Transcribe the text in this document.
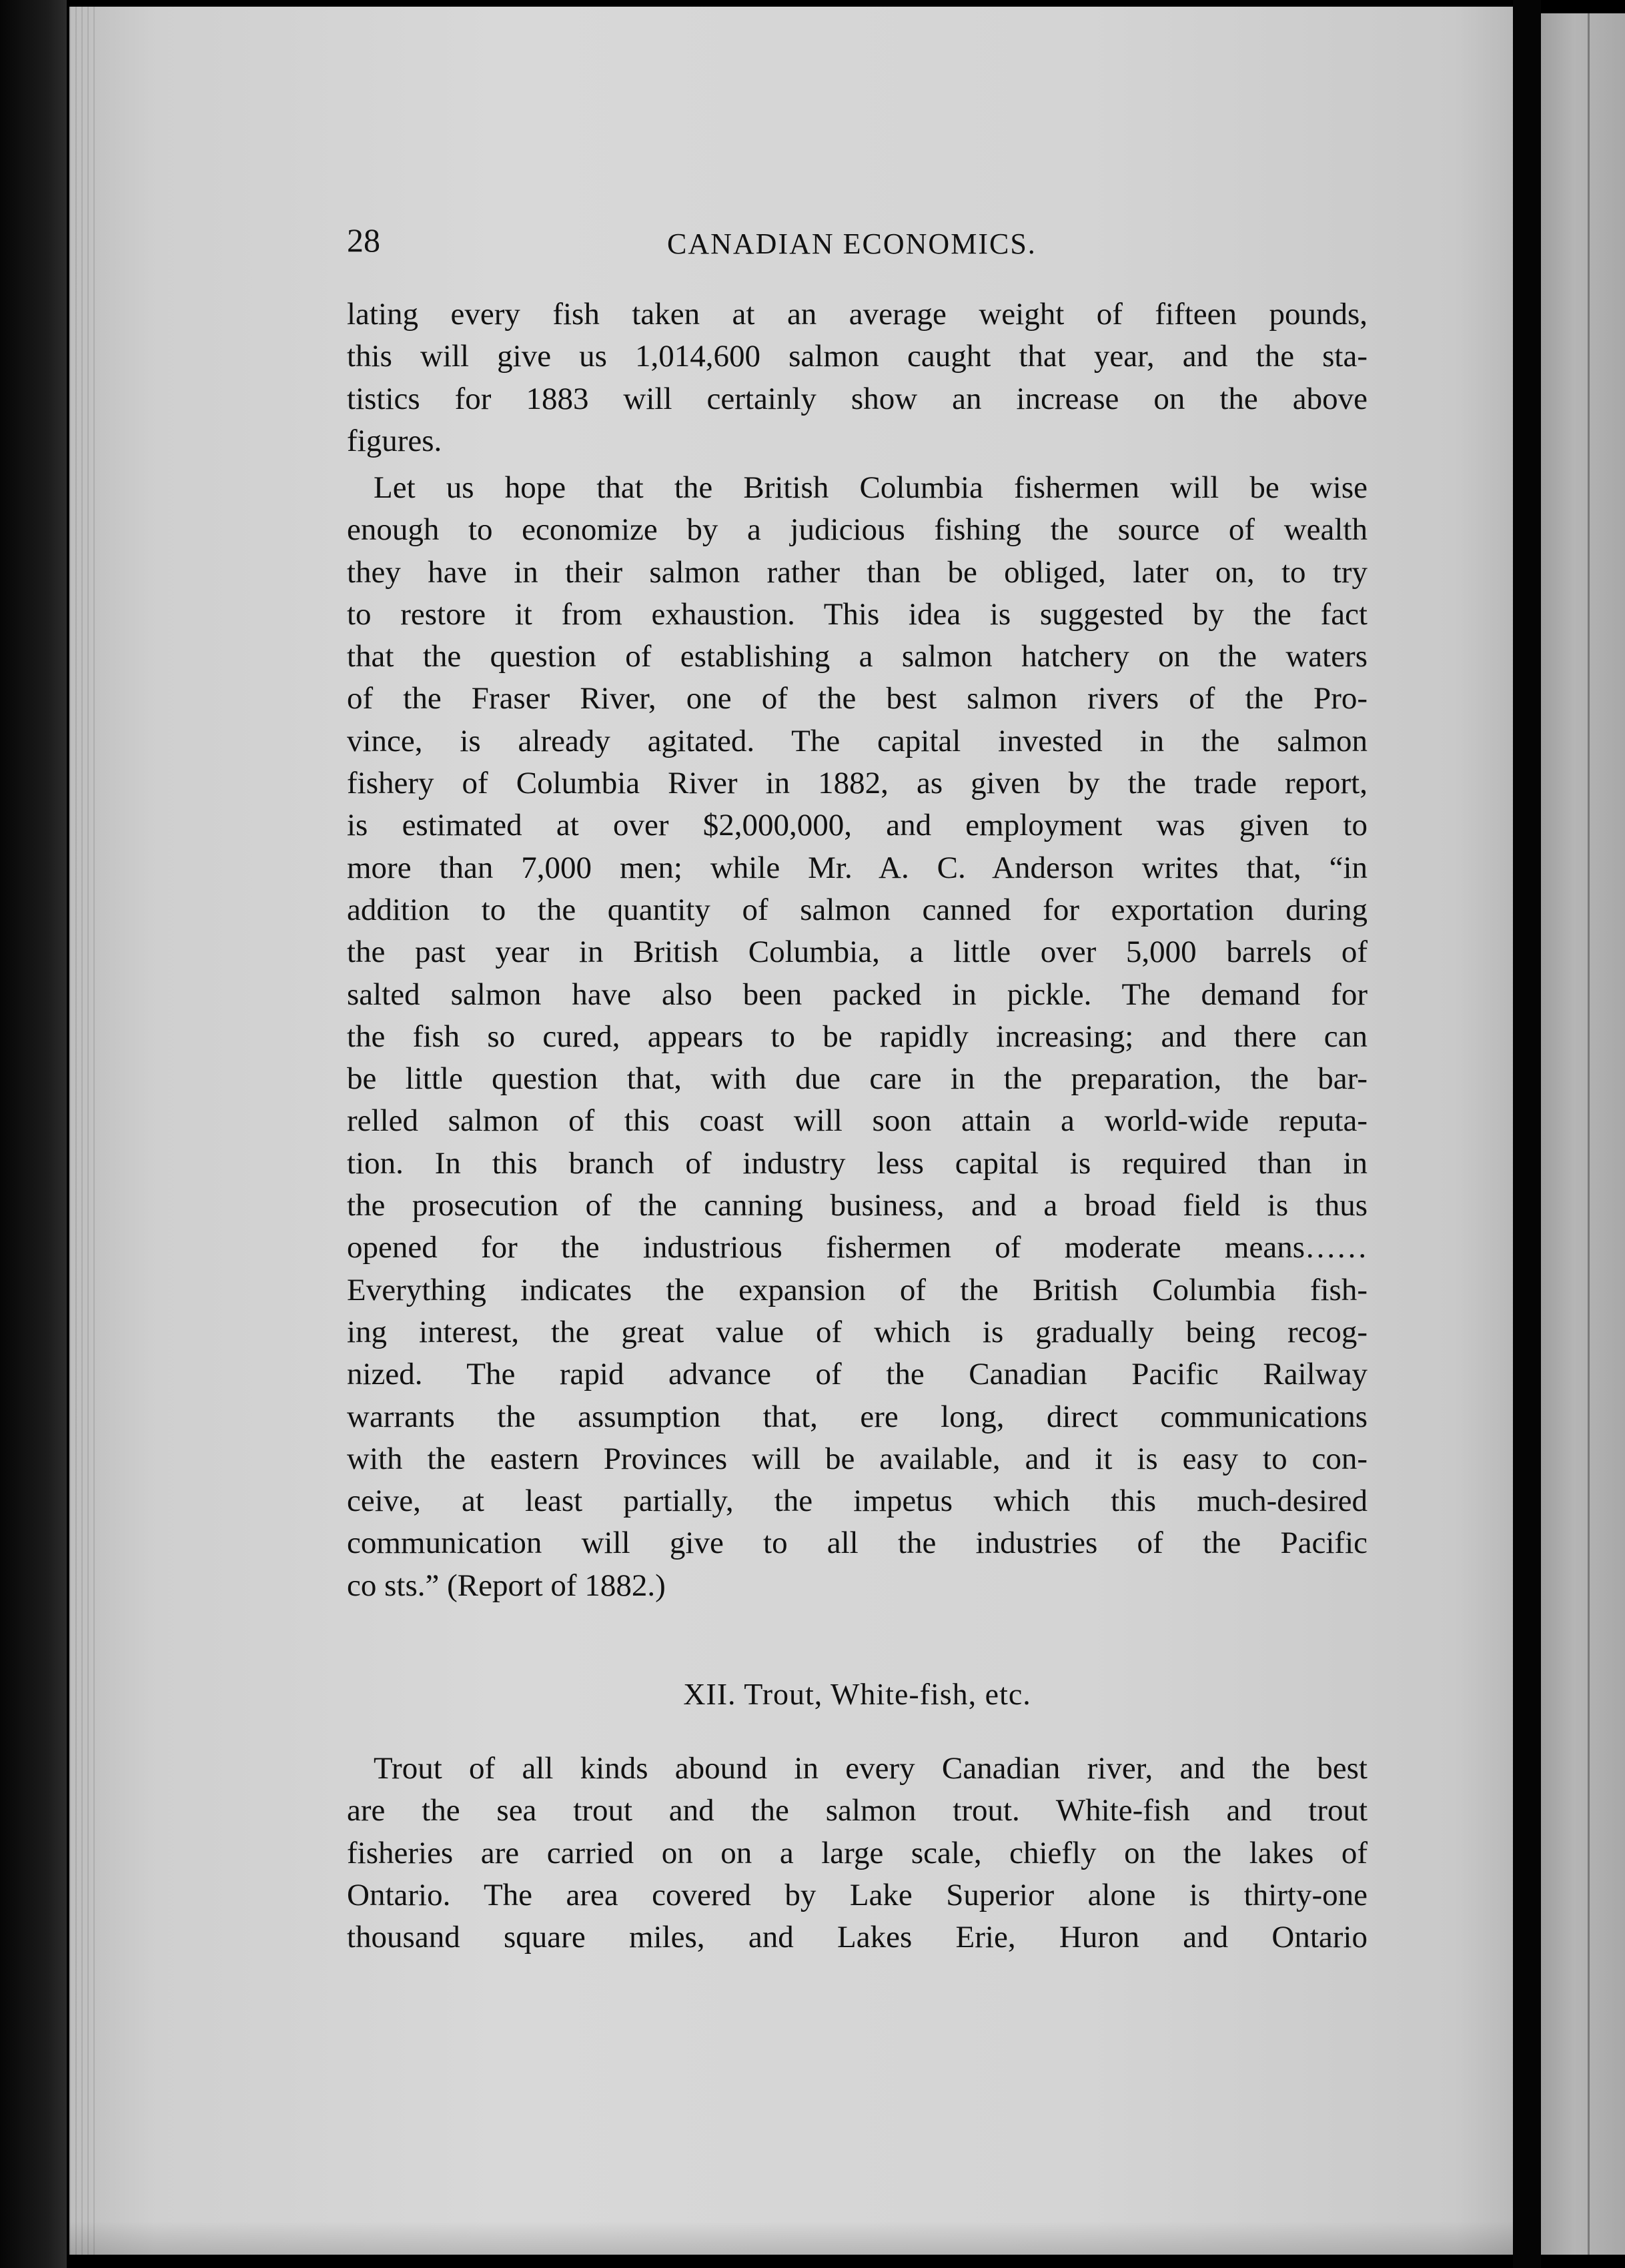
28	CANADIAN ECONOMICS.
lating every fish taken at an average weight of fifteen pounds,
this will give us 1,014,600 salmon caught that year, and the sta-
tistics for 1883 will certainly show an increase on the above
figures.
Let us hope that the British Columbia fishermen will be wise
enough to economize by a judicious fishing the source of wealth
they have in their salmon rather than be obliged, later on, to try
to restore it from exhaustion. This idea is suggested by the fact
that the question of establishing a salmon hatchery on the waters
of the Fraser River, one of the best salmon rivers of the Pro-
vince, is already agitated. The capital invested in the salmon
fishery of Columbia River in 1882, as given by the trade report,
is estimated at over $2,000,000, and employment was given to
more than 7,000 men; while Mr. A. C. Anderson writes that, “in
addition to the quantity of salmon canned for exportation during
the past year in British Columbia, a little over 5,000 barrels of
salted salmon have also been packed in pickle. The demand for
the fish so cured, appears to be rapidly increasing; and there can
be little question that, with due care in the preparation, the bar-
relled salmon of this coast will soon attain a world-wide reputa-
tion. In this branch of industry less capital is required than in
the prosecution of the canning business, and a broad field is thus
opened for the industrious fishermen of moderate means……
Everything indicates the expansion of the British Columbia fish-
ing interest, the great value of which is gradually being recog-
nized. The rapid advance of the Canadian Pacific Railway
warrants the assumption that, ere long, direct communications
with the eastern Provinces will be available, and it is easy to con-
ceive, at least partially, the impetus which this much-desired
communication will give to all the industries of the Pacific
co sts.” (Report of 1882.)
XII. Trout, White-fish, etc.
Trout of all kinds abound in every Canadian river, and the best
are the sea trout and the salmon trout. White-fish and trout
fisheries are carried on on a large scale, chiefly on the lakes of
Ontario. The area covered by Lake Superior alone is thirty-one
thousand square miles, and Lakes Erie, Huron and Ontario
